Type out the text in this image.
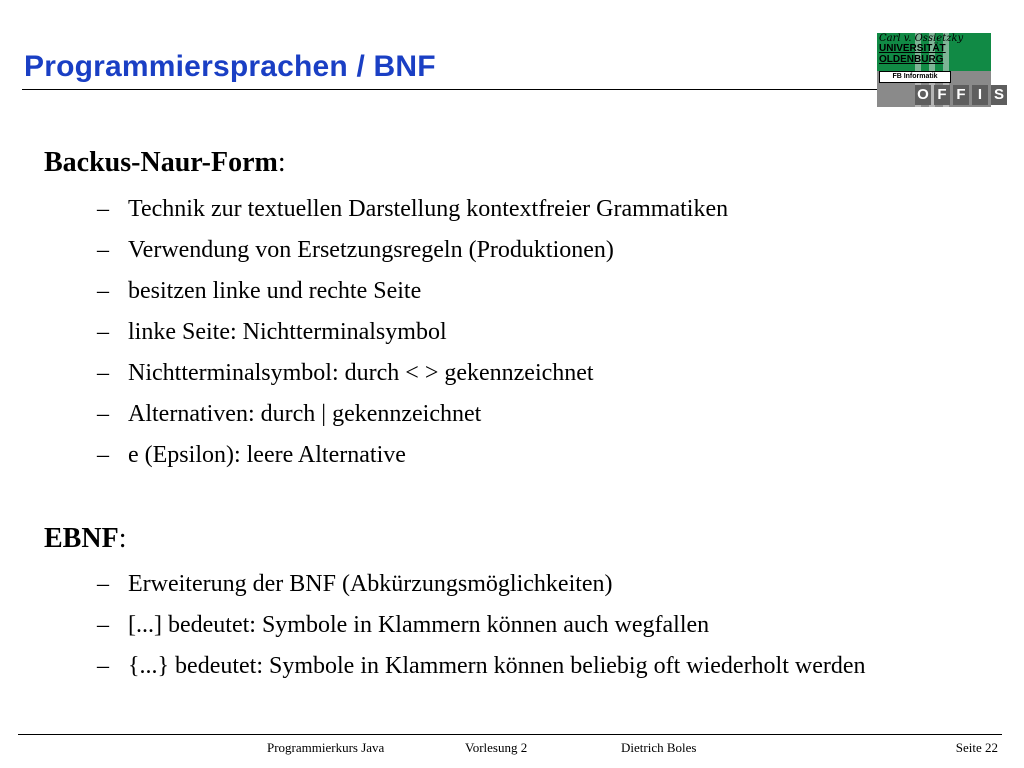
Programmiersprachen / BNF
Carl v. Ossietzky
UNIVERSITÄT
OLDENBURG
FB Informatik
O F F I S
Backus-Naur-Form:
– Technik zur textuellen Darstellung kontextfreier Grammatiken
– Verwendung von Ersetzungsregeln (Produktionen)
– besitzen linke und rechte Seite
– linke Seite: Nichtterminalsymbol
– Nichtterminalsymbol: durch < > gekennzeichnet
– Alternativen: durch | gekennzeichnet
– e (Epsilon): leere Alternative
EBNF:
– Erweiterung der BNF (Abkürzungsmöglichkeiten)
– [...] bedeutet: Symbole in Klammern können auch wegfallen
– {...} bedeutet: Symbole in Klammern können beliebig oft wiederholt werden
Programmierkurs Java	Vorlesung 2	Dietrich Boles	Seite 22
